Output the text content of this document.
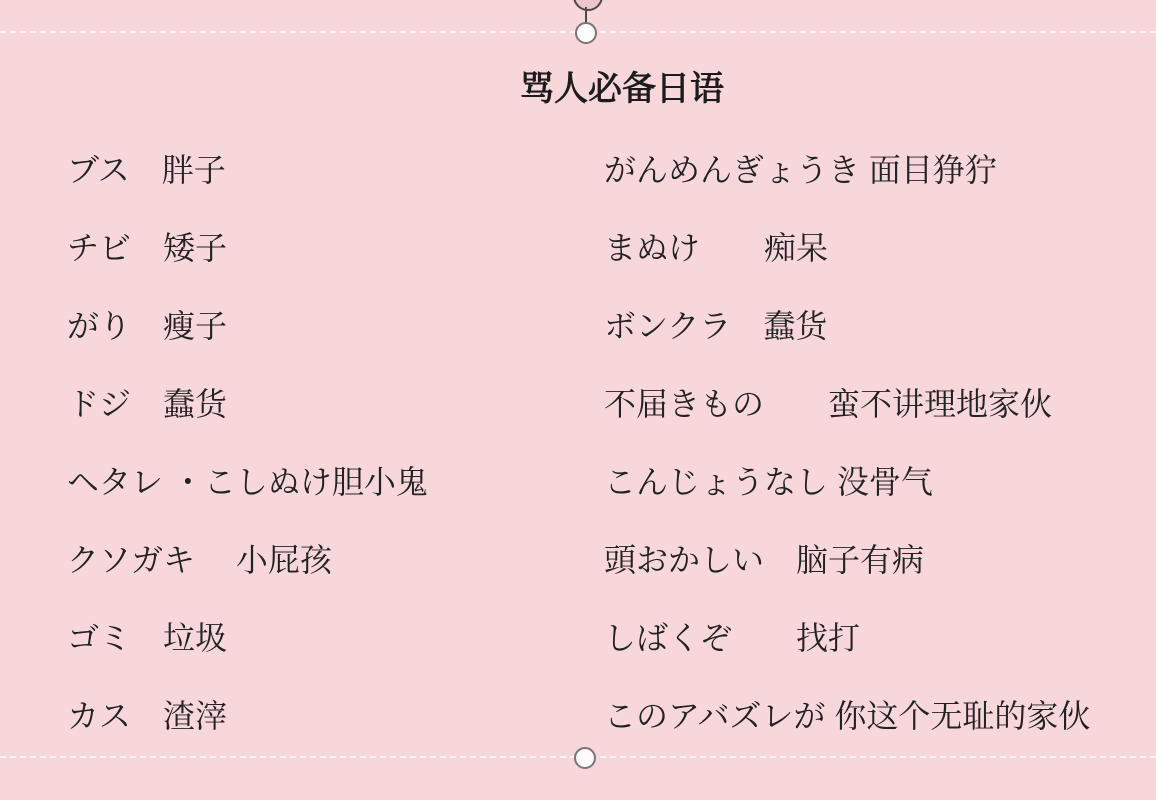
骂人必备日语
ブス　胖子
チビ　矮子
がり　瘦子
ドジ　蠢货
ヘタレ ・こしぬけ胆小鬼
クソガキ　 小屁孩
ゴミ　垃圾
カス　渣滓
がんめんぎょうき 面目狰狞
まぬけ　　痴呆
ボンクラ　蠢货
不届きもの　　蛮不讲理地家伙
こんじょうなし 没骨气
頭おかしい　脑子有病
しばくぞ　　找打
このアバズレが 你这个无耻的家伙
